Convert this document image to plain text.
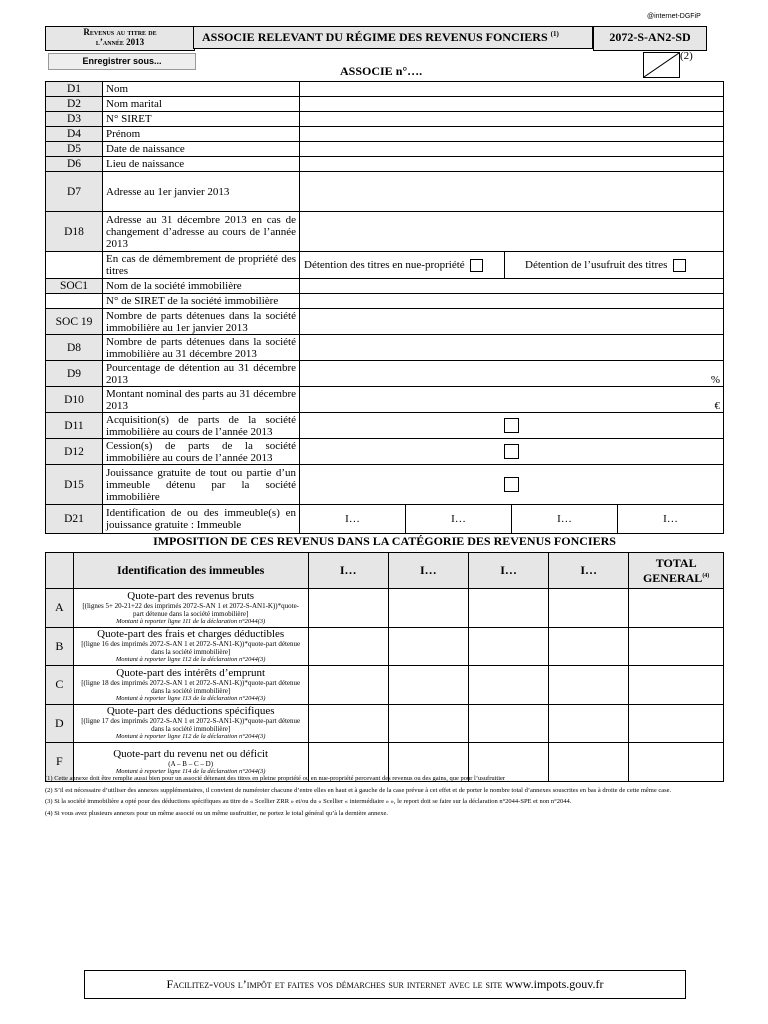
@internet-DGFiP
Revenus au titre de
l’année 2013	ASSOCIE RELEVANT DU RÉGIME DES REVENUS FONCIERS $^{(1)}$	2072-S-AN2-SD
Enregistrer sous...
ASSOCIE n°….
(2)
D1	Nom	
D2	Nom marital	
D3	N° SIRET	
D4	Prénom	
D5	Date de naissance	
D6	Lieu de naissance	
D7	Adresse au 1er janvier 2013	
D18	Adresse au 31 décembre 2013 en cas de changement d’adresse au cours de l’année 2013	
	En cas de démembrement de propriété des titres	Détention des titres en nue-propriété
Détention de l’usufruit des titres

SOC1	Nom de la société immobilière	
	N° de SIRET de la société immobilière	
SOC 19	Nombre de parts détenues dans la société immobilière au 1er janvier 2013	
D8	Nombre de parts détenues dans la société immobilière au 31 décembre 2013	
D9	Pourcentage de détention au 31 décembre 2013	%
D10	Montant nominal des parts au 31 décembre 2013	€
D11	Acquisition(s) de parts de la société immobilière au cours de l’année 2013	
D12	Cession(s) de parts de la société immobilière au cours de l’année 2013	
D15	Jouissance gratuite de tout ou partie d’un immeuble détenu par la société immobilière	
D21	Identification de ou des immeuble(s) en jouissance gratuite : Immeuble	I… I… I… I…
IMPOSITION DE CES REVENUS DANS LA CATÉGORIE DES REVENUS FONCIERS
	Identification des immeubles	I…	I…	I…	I…	TOTAL GENERAL$^{(4)}$
A	Quote-part des revenus bruts
[(lignes 5+ 20-21+22 des imprimés 2072-S-AN 1 et 2072-S-AN1-K))*quote-part détenue dans la société immobilière]
Montant à reporter ligne 111 de la déclaration n°2044(3)					

B	Quote-part des frais et charges déductibles
[(ligne 16 des imprimés 2072-S-AN 1 et 2072-S-AN1-K))*quote-part détenue dans la société immobilière]
Montant à reporter ligne 112 de la déclaration n°2044(3)					

C	Quote-part des intérêts d’emprunt
[(ligne 18 des imprimés 2072-S-AN 1 et 2072-S-AN1-K))*quote-part détenue dans la société immobilière]
Montant à reporter ligne 113 de la déclaration n°2044(3)					

D	Quote-part des déductions spécifiques
[(ligne 17 des imprimés 2072-S-AN 1 et 2072-S-AN1-K))*quote-part détenue dans la société immobilière]
Montant à reporter ligne 112 de la déclaration n°2044(3)					

F	Quote-part du revenu net ou déficit
(A – B – C – D)
Montant à reporter ligne 114 de la déclaration n°2044(3)					

(1) Cette annexe doit être remplie aussi bien pour un associé détenant des titres en pleine propriété ou en nue-propriété percevant des revenus ou des gains, que pour l’usufruitier

(2) S’il est nécessaire d’utiliser des annexes supplémentaires, il convient de numéroter chacune d’entre elles en haut et à gauche de la case prévue à cet effet et de porter le nombre total d’annexes souscrites en bas à droite de cette même case.

(3) Si la société immobilière a opté pour des déductions spécifiques au titre de « Scellier ZRR » et/ou du « Scellier « intermédiaire » », le report doit se faire sur la déclaration n°2044-SPE et non n°2044.

(4) Si vous avez plusieurs annexes pour un même associé ou un même usufruitier, ne portez le total général qu’à la dernière annexe.

Facilitez-vous l’impôt et faites vos démarches sur internet avec le site www.impots.gouv.fr
